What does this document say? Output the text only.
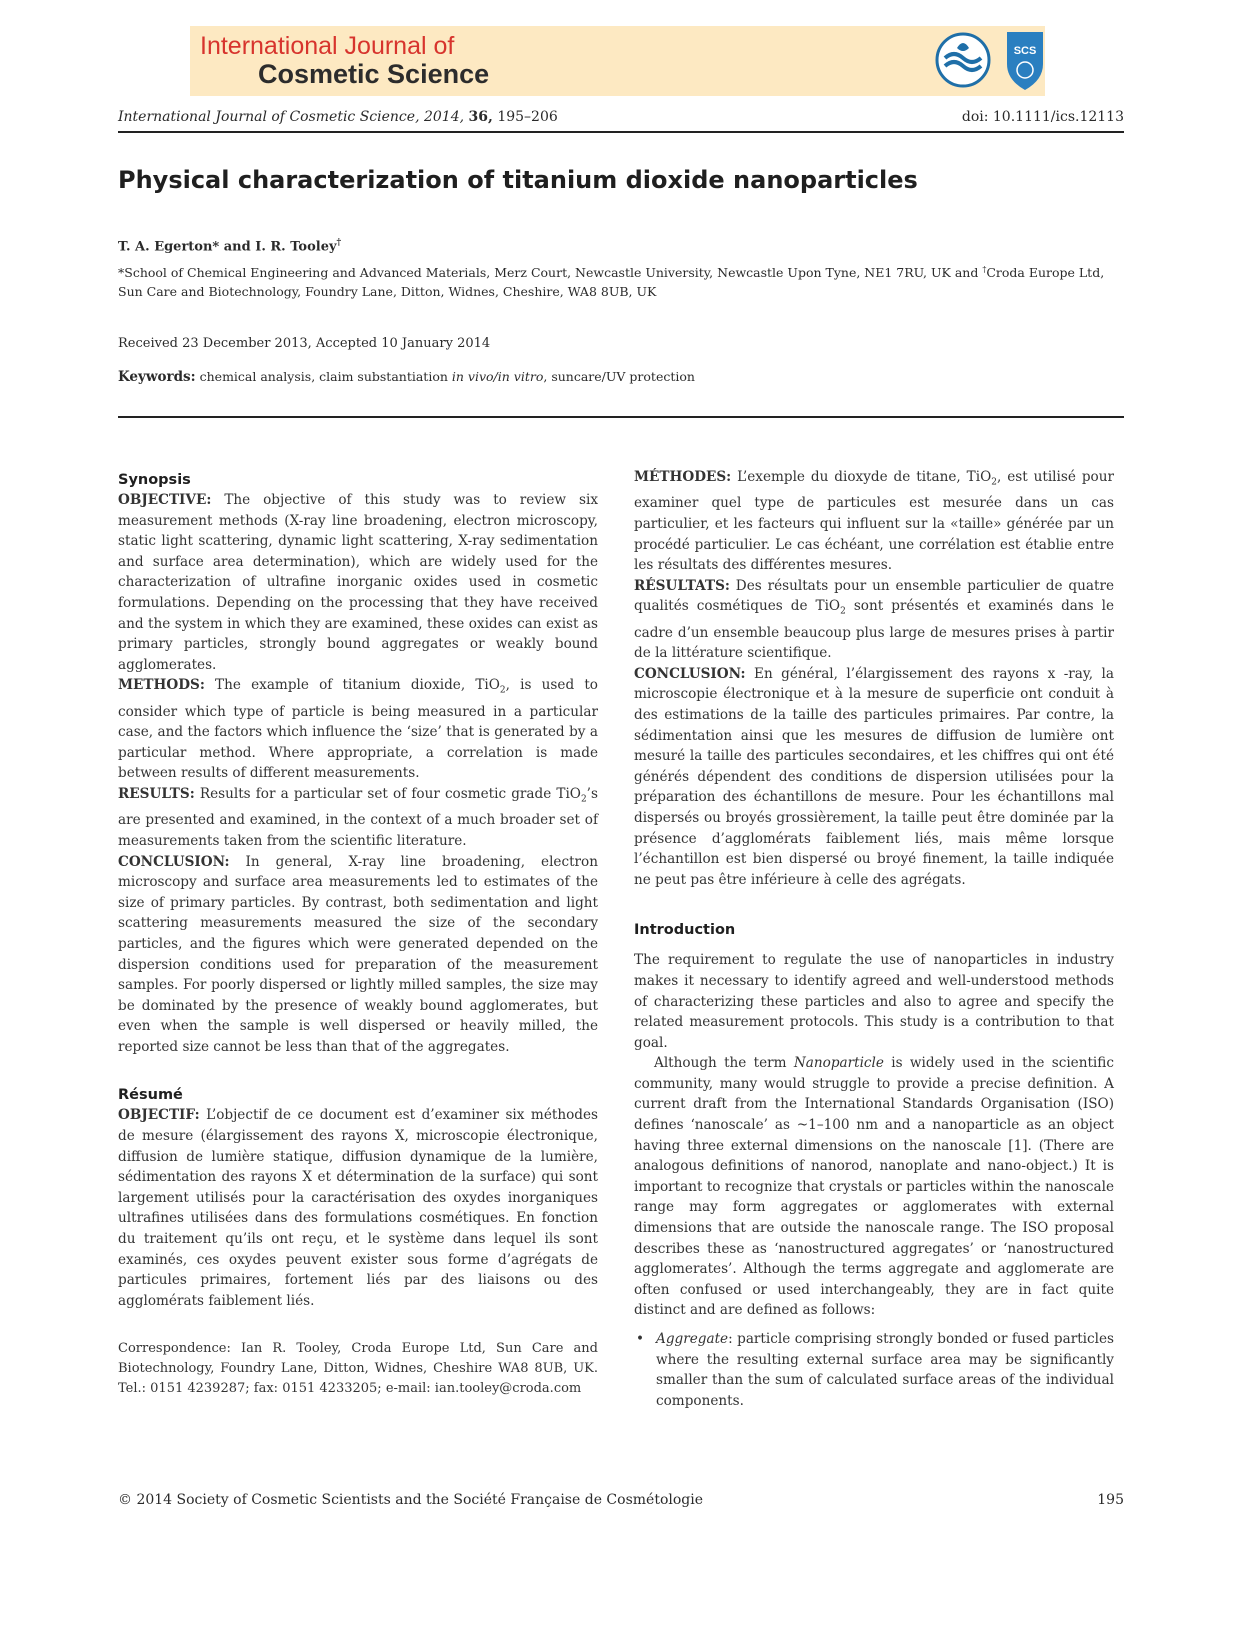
International Journal of
Cosmetic Science
SCS
International Journal of Cosmetic Science, 2014, 36, 195–206	doi: 10.1111/ics.12113
Physical characterization of titanium dioxide nanoparticles
T. A. Egerton* and I. R. Tooley†
*School of Chemical Engineering and Advanced Materials, Merz Court, Newcastle University, Newcastle Upon Tyne, NE1 7RU, UK and †Croda Europe Ltd, Sun Care and Biotechnology, Foundry Lane, Ditton, Widnes, Cheshire, WA8 8UB, UK
Received 23 December 2013, Accepted 10 January 2014
Keywords: chemical analysis, claim substantiation in vivo/in vitro, suncare/UV protection

Synopsis

OBJECTIVE: The objective of this study was to review six measurement methods (X-ray line broadening, electron microscopy, static light scattering, dynamic light scattering, X-ray sedimentation and surface area determination), which are widely used for the characterization of ultrafine inorganic oxides used in cosmetic formulations. Depending on the processing that they have received and the system in which they are examined, these oxides can exist as primary particles, strongly bound aggregates or weakly bound agglomerates.

METHODS: The example of titanium dioxide, TiO$_2$, is used to consider which type of particle is being measured in a particular case, and the factors which influence the ‘size’ that is generated by a particular method. Where appropriate, a correlation is made between results of different measurements.

RESULTS: Results for a particular set of four cosmetic grade TiO$_2$’s are presented and examined, in the context of a much broader set of measurements taken from the scientific literature.

CONCLUSION: In general, X-ray line broadening, electron microscopy and surface area measurements led to estimates of the size of primary particles. By contrast, both sedimentation and light scattering measurements measured the size of the secondary particles, and the figures which were generated depended on the dispersion conditions used for preparation of the measurement samples. For poorly dispersed or lightly milled samples, the size may be dominated by the presence of weakly bound agglomerates, but even when the sample is well dispersed or heavily milled, the reported size cannot be less than that of the aggregates.

Résumé

OBJECTIF: L’objectif de ce document est d’examiner six méthodes de mesure (élargissement des rayons X, microscopie électronique, diffusion de lumière statique, diffusion dynamique de la lumière, sédimentation des rayons X et détermination de la surface) qui sont largement utilisés pour la caractérisation des oxydes inorganiques ultrafines utilisées dans des formulations cosmétiques. En fonction du traitement qu’ils ont reçu, et le système dans lequel ils sont examinés, ces oxydes peuvent exister sous forme d’agrégats de particules primaires, fortement liés par des liaisons ou des agglomérats faiblement liés.

Correspondence: Ian R. Tooley, Croda Europe Ltd, Sun Care and Biotechnology, Foundry Lane, Ditton, Widnes, Cheshire WA8 8UB, UK. Tel.: 0151 4239287; fax: 0151 4233205; e-mail: ian.tooley@croda.com

MÉTHODES: L’exemple du dioxyde de titane, TiO$_2$, est utilisé pour examiner quel type de particules est mesurée dans un cas particulier, et les facteurs qui influent sur la «taille» générée par un procédé particulier. Le cas échéant, une corrélation est établie entre les résultats des différentes mesures.

RÉSULTATS: Des résultats pour un ensemble particulier de quatre qualités cosmétiques de TiO$_2$ sont présentés et examinés dans le cadre d’un ensemble beaucoup plus large de mesures prises à partir de la littérature scientifique.

CONCLUSION: En général, l’élargissement des rayons x -ray, la microscopie électronique et à la mesure de superficie ont conduit à des estimations de la taille des particules primaires. Par contre, la sédimentation ainsi que les mesures de diffusion de lumière ont mesuré la taille des particules secondaires, et les chiffres qui ont été générés dépendent des conditions de dispersion utilisées pour la préparation des échantillons de mesure. Pour les échantillons mal dispersés ou broyés grossièrement, la taille peut être dominée par la présence d’agglomérats faiblement liés, mais même lorsque l’échantillon est bien dispersé ou broyé finement, la taille indiquée ne peut pas être inférieure à celle des agrégats.

Introduction

The requirement to regulate the use of nanoparticles in industry makes it necessary to identify agreed and well-understood methods of characterizing these particles and also to agree and specify the related measurement protocols. This study is a contribution to that goal.

Although the term Nanoparticle is widely used in the scientific community, many would struggle to provide a precise definition. A current draft from the International Standards Organisation (ISO) defines ‘nanoscale’ as ~1–100 nm and a nanoparticle as an object having three external dimensions on the nanoscale [1]. (There are analogous definitions of nanorod, nanoplate and nano-object.) It is important to recognize that crystals or particles within the nanoscale range may form aggregates or agglomerates with external dimensions that are outside the nanoscale range. The ISO proposal describes these as ‘nanostructured aggregates’ or ‘nanostructured agglomerates’. Although the terms aggregate and agglomerate are often confused or used interchangeably, they are in fact quite distinct and are defined as follows:

• Aggregate: particle comprising strongly bonded or fused particles where the resulting external surface area may be significantly smaller than the sum of calculated surface areas of the individual components.

© 2014 Society of Cosmetic Scientists and the Société Française de Cosmétologie	195
